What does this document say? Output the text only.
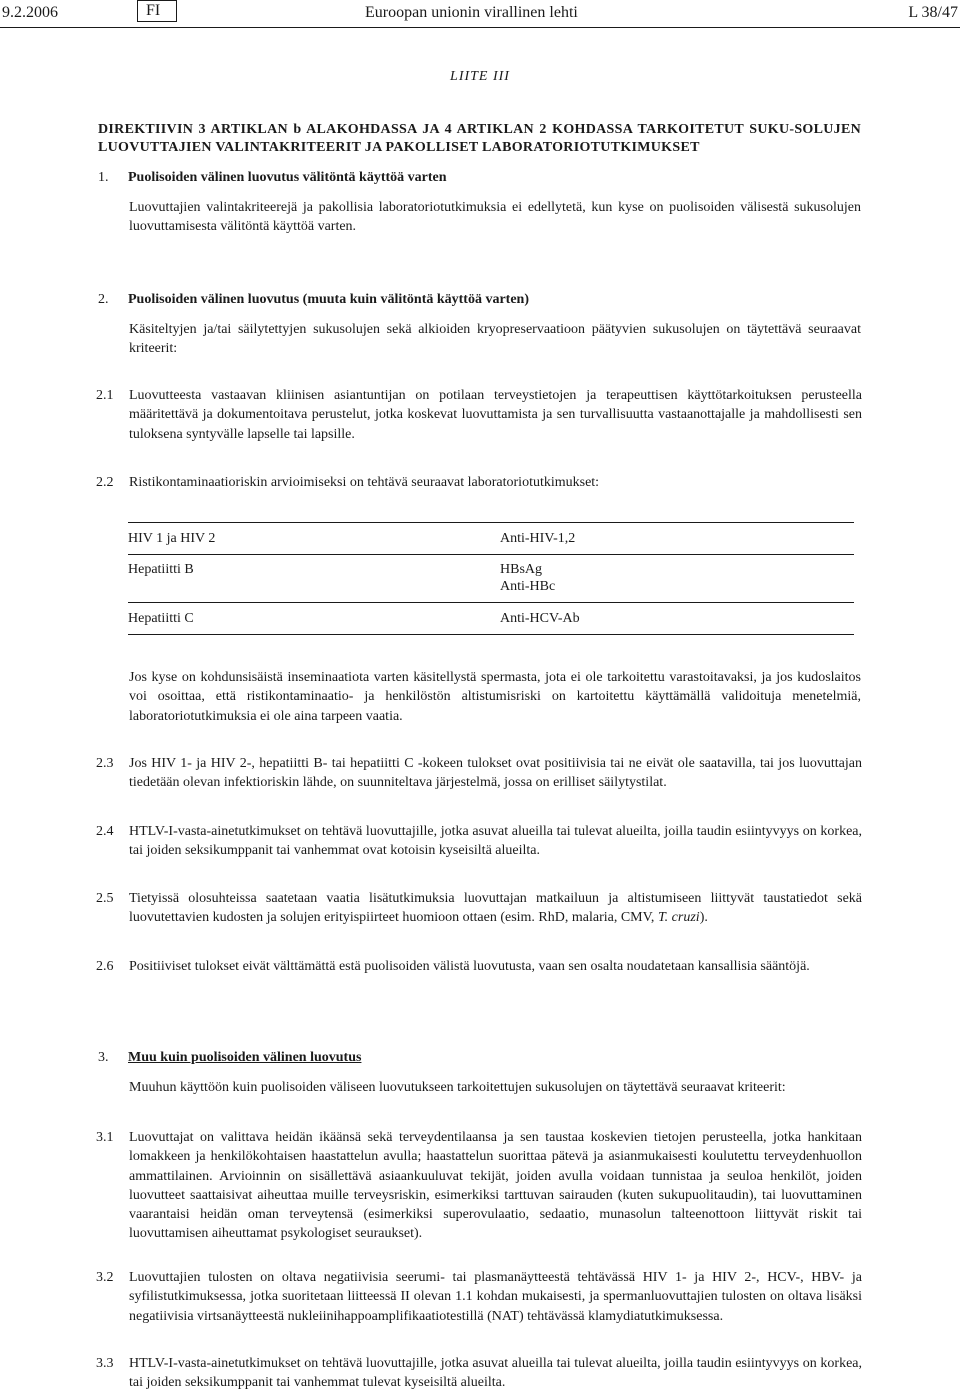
9.2.2006	FI	Euroopan unionin virallinen lehti	L 38/47
LIITE III
DIREKTIIVIN 3 ARTIKLAN b ALAKOHDASSA JA 4 ARTIKLAN 2 KOHDASSA TARKOITETUT SUKU-SOLUJEN LUOVUTTAJIEN VALINTAKRITEERIT JA PAKOLLISET LABORATORIOTUTKIMUKSET
1. Puolisoiden välinen luovutus välitöntä käyttöä varten
Luovuttajien valintakriteerejä ja pakollisia laboratoriotutkimuksia ei edellytetä, kun kyse on puolisoiden välisestä sukusolujen luovuttamisesta välitöntä käyttöä varten.
2. Puolisoiden välinen luovutus (muuta kuin välitöntä käyttöä varten)
Käsiteltyjen ja/tai säilytettyjen sukusolujen sekä alkioiden kryopreservaatioon päätyvien sukusolujen on täytettävä seuraavat kriteerit:
2.1 Luovutteesta vastaavan kliinisen asiantuntijan on potilaan terveystietojen ja terapeuttisen käyttötarkoituksen perusteella määritettävä ja dokumentoitava perustelut, jotka koskevat luovuttamista ja sen turvallisuutta vastaanottajalle ja mahdollisesti sen tuloksena syntyvälle lapselle tai lapsille.
2.2 Ristikontaminaatioriskin arvioimiseksi on tehtävä seuraavat laboratoriotutkimukset:
HIV 1 ja HIV 2	Anti-HIV-1,2
Hepatiitti B	HBsAg
Anti-HBc
Hepatiitti C	Anti-HCV-Ab
Jos kyse on kohdunsisäistä inseminaatiota varten käsitellystä spermasta, jota ei ole tarkoitettu varastoitavaksi, ja jos kudoslaitos voi osoittaa, että ristikontaminaatio- ja henkilöstön altistumisriski on kartoitettu käyttämällä validoituja menetelmiä, laboratoriotutkimuksia ei ole aina tarpeen vaatia.
2.3 Jos HIV 1- ja HIV 2-, hepatiitti B- tai hepatiitti C -kokeen tulokset ovat positiivisia tai ne eivät ole saatavilla, tai jos luovuttajan tiedetään olevan infektioriskin lähde, on suunniteltava järjestelmä, jossa on erilliset säilytystilat.
2.4 HTLV-I-vasta-ainetutkimukset on tehtävä luovuttajille, jotka asuvat alueilla tai tulevat alueilta, joilla taudin esiintyvyys on korkea, tai joiden seksikumppanit tai vanhemmat ovat kotoisin kyseisiltä alueilta.
2.5 Tietyissä olosuhteissa saatetaan vaatia lisätutkimuksia luovuttajan matkailuun ja altistumiseen liittyvät taustatiedot sekä luovutettavien kudosten ja solujen erityispiirteet huomioon ottaen (esim. RhD, malaria, CMV, T. cruzi).
2.6 Positiiviset tulokset eivät välttämättä estä puolisoiden välistä luovutusta, vaan sen osalta noudatetaan kansallisia sääntöjä.
3. Muu kuin puolisoiden välinen luovutus
Muuhun käyttöön kuin puolisoiden väliseen luovutukseen tarkoitettujen sukusolujen on täytettävä seuraavat kriteerit:
3.1 Luovuttajat on valittava heidän ikäänsä sekä terveydentilaansa ja sen taustaa koskevien tietojen perusteella, jotka hankitaan lomakkeen ja henkilökohtaisen haastattelun avulla; haastattelun suorittaa pätevä ja asianmukaisesti koulutettu terveydenhuollon ammattilainen. Arvioinnin on sisällettävä asiaankuuluvat tekijät, joiden avulla voidaan tunnistaa ja seuloa henkilöt, joiden luovutteet saattaisivat aiheuttaa muille terveysriskin, esimerkiksi tarttuvan sairauden (kuten sukupuolitaudin), tai luovuttaminen vaarantaisi heidän oman terveytensä (esimerkiksi superovulaatio, sedaatio, munasolun talteenottoon liittyvät riskit tai luovuttamisen aiheuttamat psykologiset seuraukset).
3.2 Luovuttajien tulosten on oltava negatiivisia seerumi- tai plasmanäytteestä tehtävässä HIV 1- ja HIV 2-, HCV-, HBV- ja syfilistutkimuksessa, jotka suoritetaan liitteessä II olevan 1.1 kohdan mukaisesti, ja spermanluovuttajien tulosten on oltava lisäksi negatiivisia virtsanäytteestä nukleiinihappoamplifikaatiotestillä (NAT) tehtävässä klamydiatutkimuksessa.
3.3 HTLV-I-vasta-ainetutkimukset on tehtävä luovuttajille, jotka asuvat alueilla tai tulevat alueilta, joilla taudin esiintyvyys on korkea, tai joiden seksikumppanit tai vanhemmat tulevat kyseisiltä alueilta.
